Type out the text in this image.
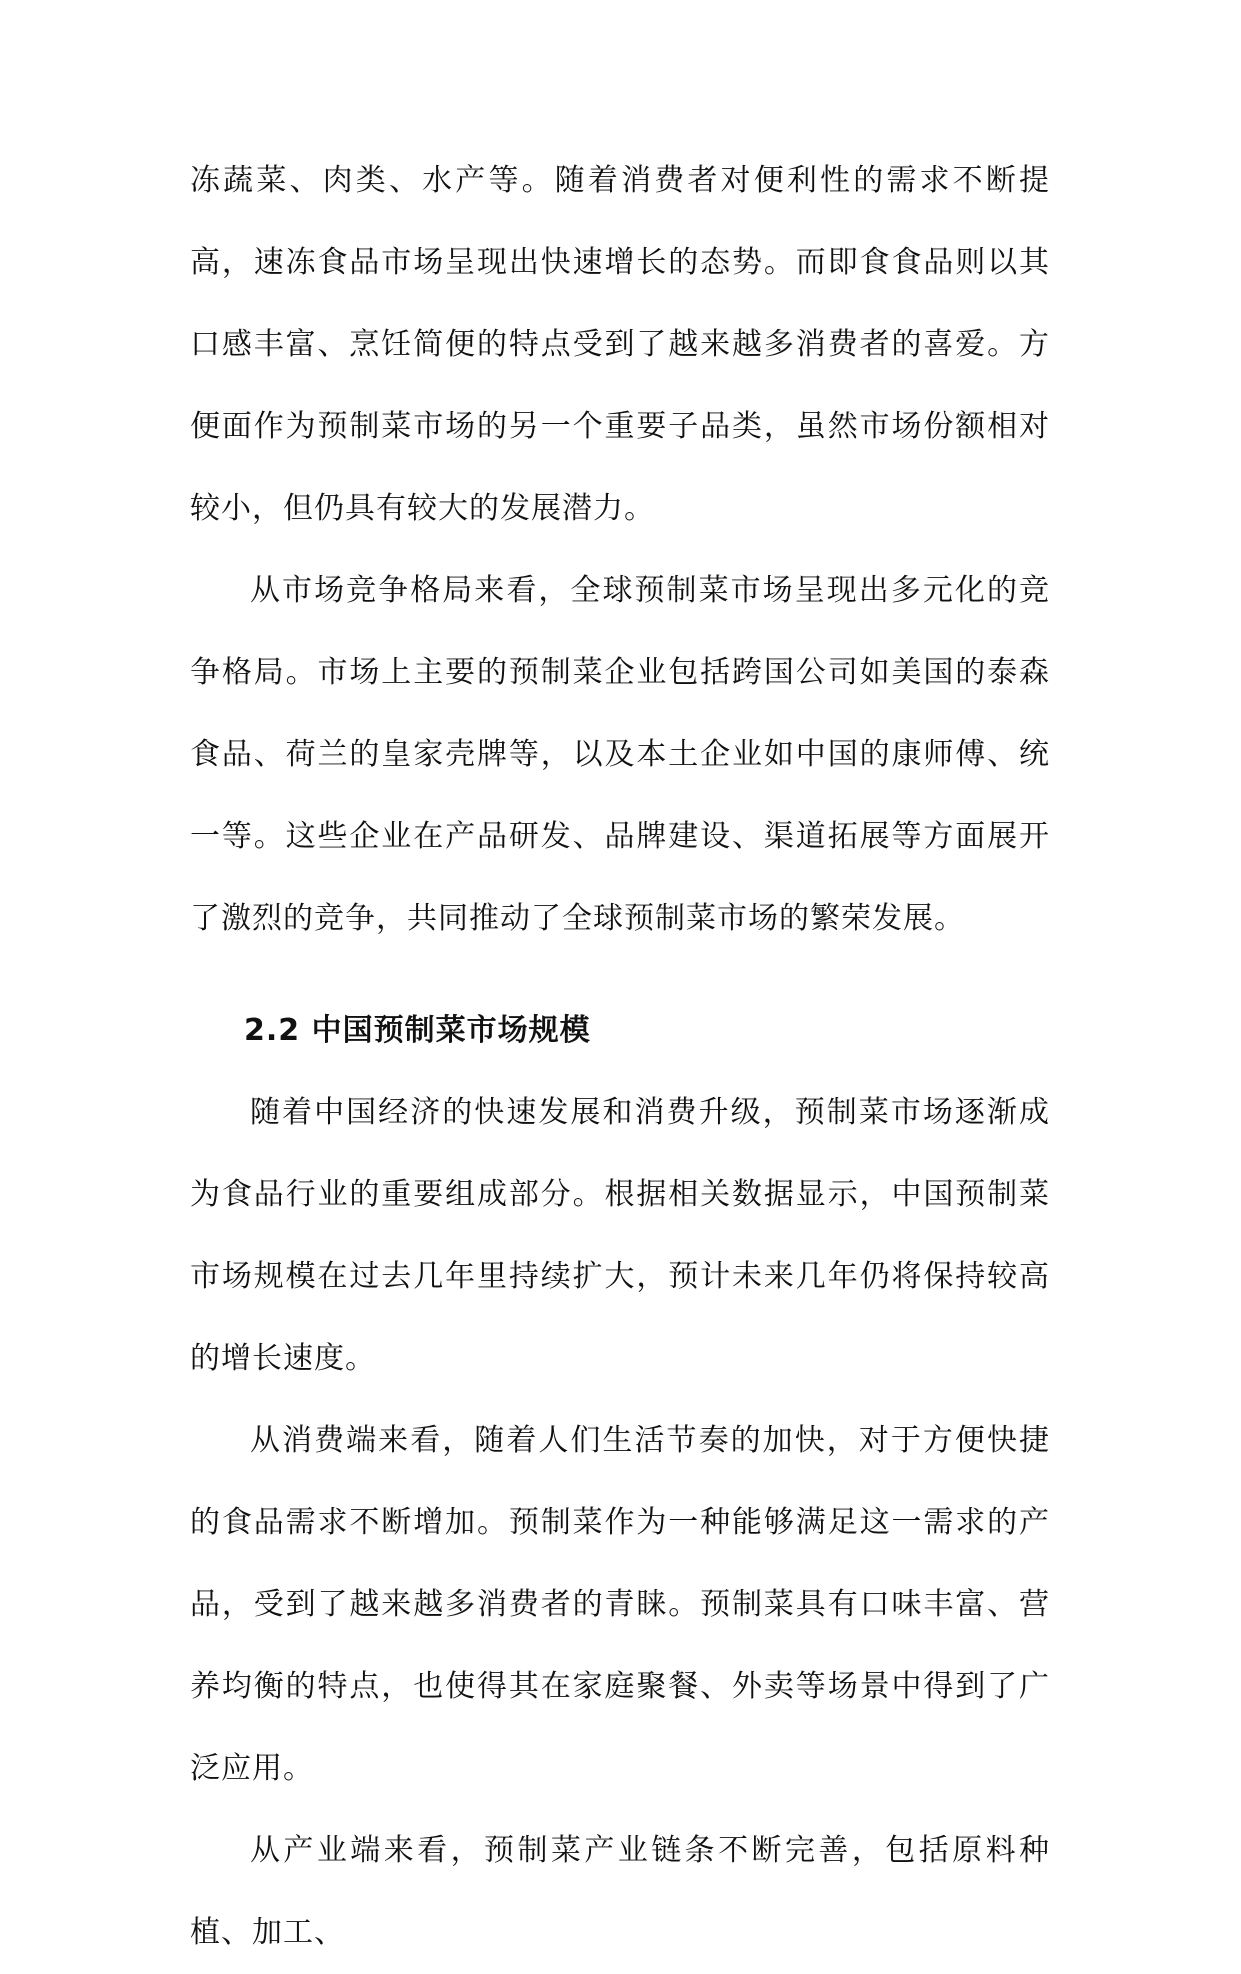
冻蔬菜、肉类、水产等。随着消费者对便利性的需求不断提高，速冻食品市场呈现出快速增长的态势。而即食食品则以其口感丰富、烹饪简便的特点受到了越来越多消费者的喜爱。方便面作为预制菜市场的另一个重要子品类，虽然市场份额相对较小，但仍具有较大的发展潜力。

从市场竞争格局来看，全球预制菜市场呈现出多元化的竞争格局。市场上主要的预制菜企业包括跨国公司如美国的泰森食品、荷兰的皇家壳牌等，以及本土企业如中国的康师傅、统一等。这些企业在产品研发、品牌建设、渠道拓展等方面展开了激烈的竞争，共同推动了全球预制菜市场的繁荣发展。

2.2 中国预制菜市场规模

随着中国经济的快速发展和消费升级，预制菜市场逐渐成为食品行业的重要组成部分。根据相关数据显示，中国预制菜市场规模在过去几年里持续扩大，预计未来几年仍将保持较高的增长速度。

从消费端来看，随着人们生活节奏的加快，对于方便快捷的食品需求不断增加。预制菜作为一种能够满足这一需求的产品，受到了越来越多消费者的青睐。预制菜具有口味丰富、营养均衡的特点，也使得其在家庭聚餐、外卖等场景中得到了广泛应用。

从产业端来看，预制菜产业链条不断完善，包括原料种植、加工、
